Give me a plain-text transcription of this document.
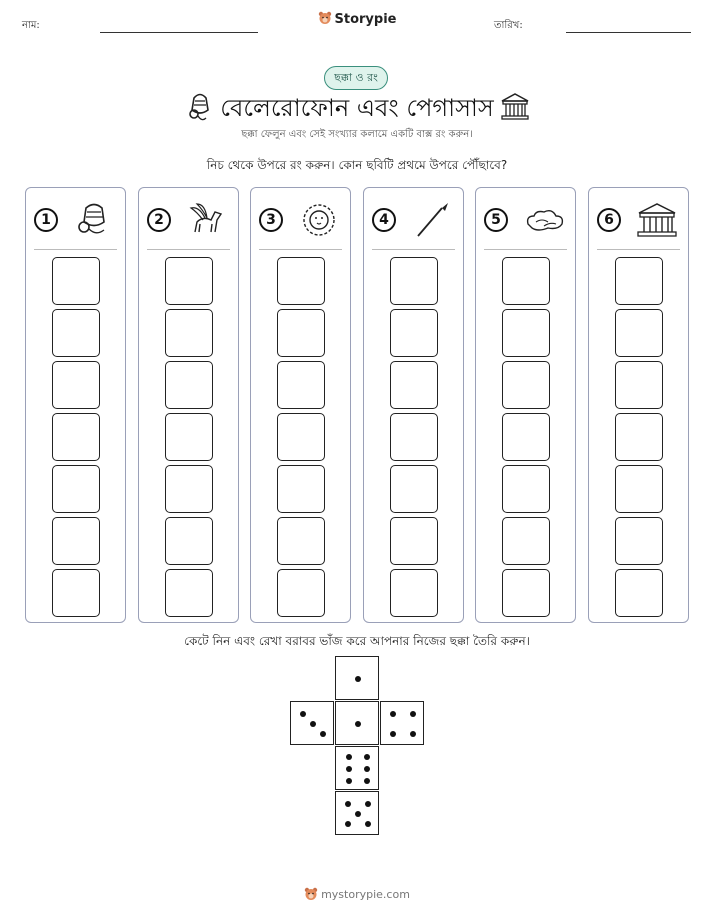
নাম:	Storypie	তারিখ:
ছক্কা ও রং
বেলেরোফোন এবং পেগাসাস
ছক্কা ফেলুন এবং সেই সংখ্যার কলামে একটি বাক্স রং করুন।
নিচ থেকে উপরে রং করুন। কোন ছবিটি প্রথমে উপরে পৌঁছাবে?
1	2	3	4	5	6
কেটে নিন এবং রেখা বরাবর ভাঁজ করে আপনার নিজের ছক্কা তৈরি করুন।
mystorypie.com
